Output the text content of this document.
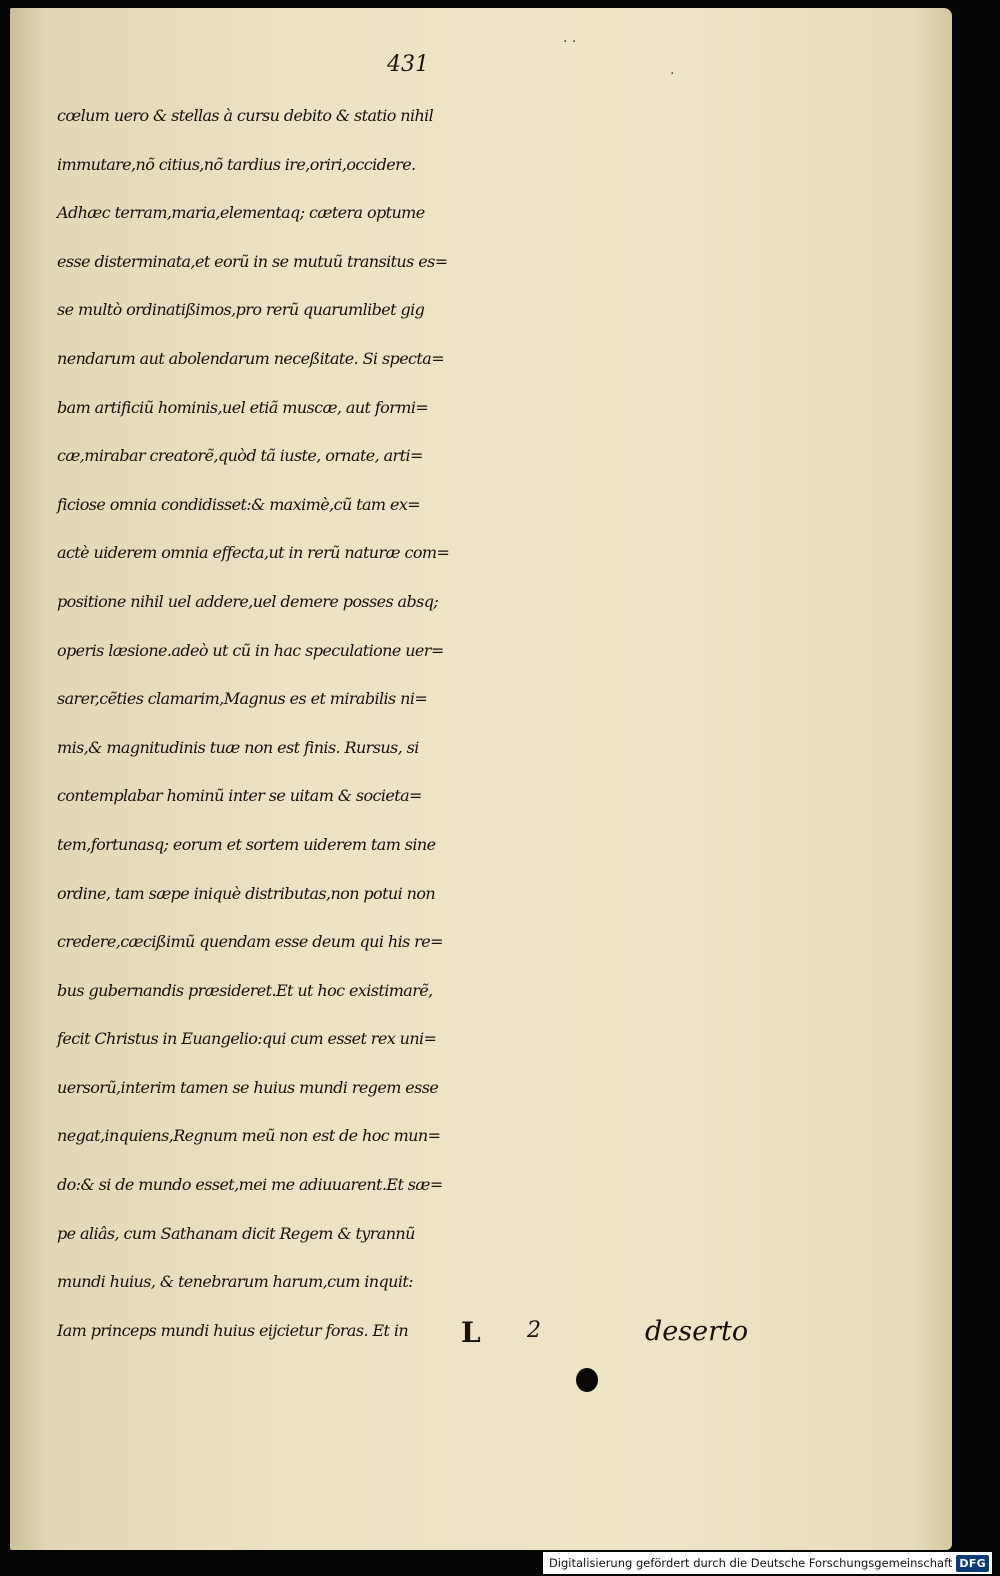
· ·
·
431
cœlum uero & stellas à cursu debito & statio nihil
immutare,nõ citius,nõ tardius ire,oriri,occidere.
Adhæc terram,maria,elementaq; cætera optume
esse disterminata,et eorũ in se mutuũ transitus es=
se multò ordinatißimos,pro rerũ quarumlibet gig
nendarum aut abolendarum neceßitate. Si specta=
bam artificiũ hominis,uel etiã muscæ, aut formi=
cæ,mirabar creatorẽ,quòd tã iuste, ornate, arti=
ficiose omnia condidisset:& maximè,cũ tam ex=
actè uiderem omnia effecta,ut in rerũ naturæ com=
positione nihil uel addere,uel demere posses absq;
operis læsione.adeò ut cũ in hac speculatione uer=
sarer,cẽties clamarim,Magnus es et mirabilis ni=
mis,& magnitudinis tuæ non est finis. Rursus, si
contemplabar hominũ inter se uitam & societa=
tem,fortunasq; eorum et sortem uiderem tam sine
ordine, tam sæpe iniquè distributas,non potui non
credere,cæcißimũ quendam esse deum qui his re=
bus gubernandis præsideret.Et ut hoc existimarẽ,
fecit Christus in Euangelio:qui cum esset rex uni=
uersorũ,interim tamen se huius mundi regem esse
negat,inquiens,Regnum meũ non est de hoc mun=
do:& si de mundo esset,mei me adiuuarent.Et sæ=
pe aliâs, cum Sathanam dicit Regem & tyrannũ
mundi huius, & tenebrarum harum,cum inquit:
Iam princeps mundi huius eijcietur foras. Et in	L 2	deserto
Digitalisierung gefördert durch die Deutsche Forschungsgemeinschaft DFG
